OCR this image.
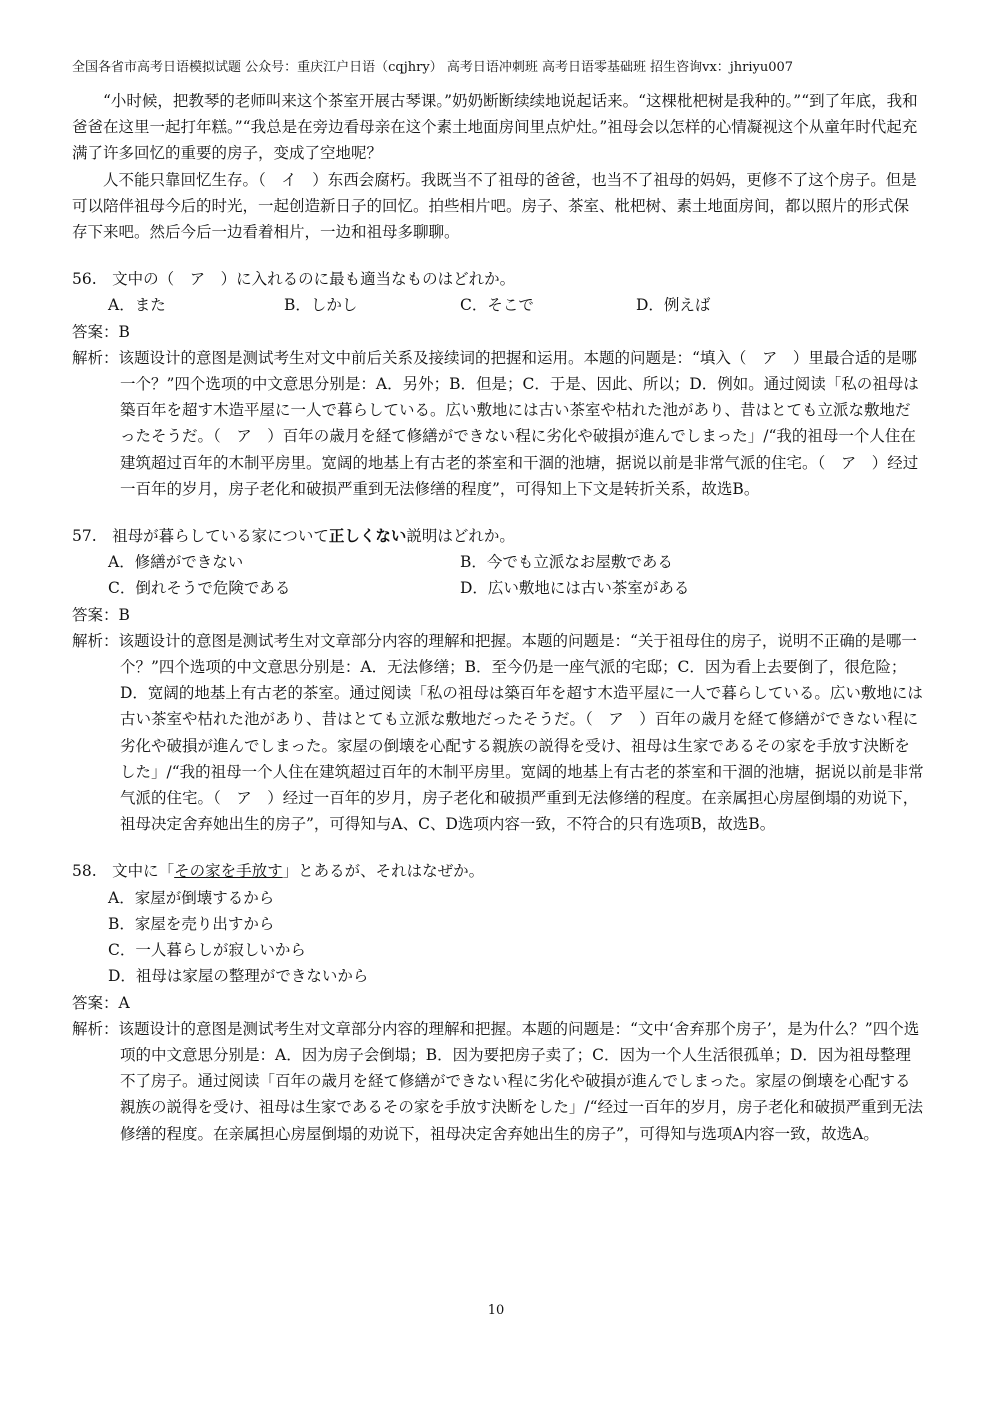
全国各省市高考日语模拟试题 公众号：重庆江户日语（cqjhry） 高考日语冲刺班 高考日语零基础班 招生咨询vx：jhriyu007

“小时候，把教琴的老师叫来这个茶室开展古琴课。”奶奶断断续续地说起话来。“这棵枇杷树是我种的。”“到了年底，我和爸爸在这里一起打年糕。”“我总是在旁边看母亲在这个素土地面房间里点炉灶。”祖母会以怎样的心情凝视这个从童年时代起充满了许多回忆的重要的房子，变成了空地呢？

人不能只靠回忆生存。（　イ　）东西会腐朽。我既当不了祖母的爸爸，也当不了祖母的妈妈，更修不了这个房子。但是可以陪伴祖母今后的时光，一起创造新日子的回忆。拍些相片吧。房子、茶室、枇杷树、素土地面房间，都以照片的形式保存下来吧。然后今后一边看着相片，一边和祖母多聊聊。

56.　文中の（　ア　）に入れるのに最も適当なものはどれか。

A．また	B．しかし	C．そこで	D．例えば

答案：B

解析：该题设计的意图是测试考生对文中前后关系及接续词的把握和运用。本题的问题是：“填入（　ア　）里最合适的是哪一个？”四个选项的中文意思分别是：A．另外；B．但是；C．于是、因此、所以；D．例如。通过阅读「私の祖母は築百年を超す木造平屋に一人で暮らしている。広い敷地には古い茶室や枯れた池があり、昔はとても立派な敷地だったそうだ。（　ア　）百年の歳月を経て修繕ができない程に劣化や破損が進んでしまった」/“我的祖母一个人住在建筑超过百年的木制平房里。宽阔的地基上有古老的茶室和干涸的池塘，据说以前是非常气派的住宅。（　ア　）经过一百年的岁月，房子老化和破损严重到无法修缮的程度”，可得知上下文是转折关系，故选B。

57.　祖母が暮らしている家について正しくない説明はどれか。

A．修繕ができない	B．今でも立派なお屋敷である
C．倒れそうで危険である	D．広い敷地には古い茶室がある

答案：B

解析：该题设计的意图是测试考生对文章部分内容的理解和把握。本题的问题是：“关于祖母住的房子，说明不正确的是哪一个？”四个选项的中文意思分别是：A．无法修缮；B．至今仍是一座气派的宅邸；C．因为看上去要倒了，很危险；D．宽阔的地基上有古老的茶室。通过阅读「私の祖母は築百年を超す木造平屋に一人で暮らしている。広い敷地には古い茶室や枯れた池があり、昔はとても立派な敷地だったそうだ。（　ア　）百年の歳月を経て修繕ができない程に劣化や破損が進んでしまった。家屋の倒壊を心配する親族の説得を受け、祖母は生家であるその家を手放す決断をした」/“我的祖母一个人住在建筑超过百年的木制平房里。宽阔的地基上有古老的茶室和干涸的池塘，据说以前是非常气派的住宅。（　ア　）经过一百年的岁月，房子老化和破损严重到无法修缮的程度。在亲属担心房屋倒塌的劝说下，祖母决定舍弃她出生的房子”，可得知与A、C、D选项内容一致，不符合的只有选项B，故选B。

58.　文中に「その家を手放す」とあるが、それはなぜか。

A．家屋が倒壊するから

B．家屋を売り出すから

C．一人暮らしが寂しいから

D．祖母は家屋の整理ができないから

答案：A

解析：该题设计的意图是测试考生对文章部分内容的理解和把握。本题的问题是：“文中‘舍弃那个房子’，是为什么？”四个选项的中文意思分别是：A．因为房子会倒塌；B．因为要把房子卖了；C．因为一个人生活很孤单；D．因为祖母整理不了房子。通过阅读「百年の歳月を経て修繕ができない程に劣化や破損が進んでしまった。家屋の倒壊を心配する親族の説得を受け、祖母は生家であるその家を手放す決断をした」/“经过一百年的岁月，房子老化和破损严重到无法修缮的程度。在亲属担心房屋倒塌的劝说下，祖母决定舍弃她出生的房子”，可得知与选项A内容一致，故选A。

10
